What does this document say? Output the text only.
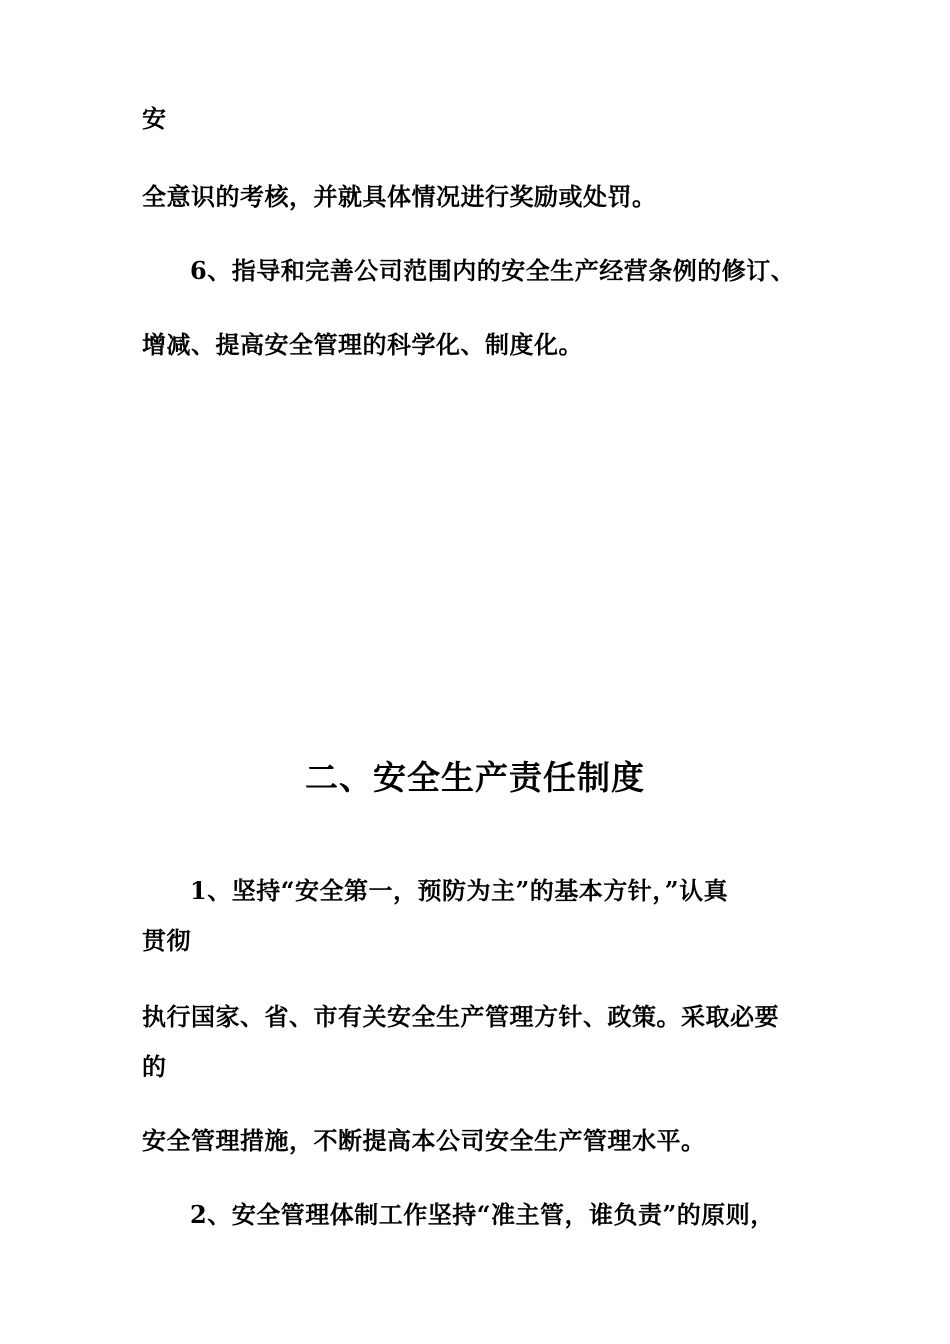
安
全意识的考核，并就具体情况进行奖励或处罚。
6、指导和完善公司范围内的安全生产经营条例的修订、
增减、提高安全管理的科学化、制度化。
二、安全生产责任制度
1、坚持“安全第一，预防为主”的基本方针，”认真
贯彻
执行国家、省、市有关安全生产管理方针、政策。采取必要
的
安全管理措施，不断提高本公司安全生产管理水平。
2、安全管理体制工作坚持“准主管，谁负责”的原则，
